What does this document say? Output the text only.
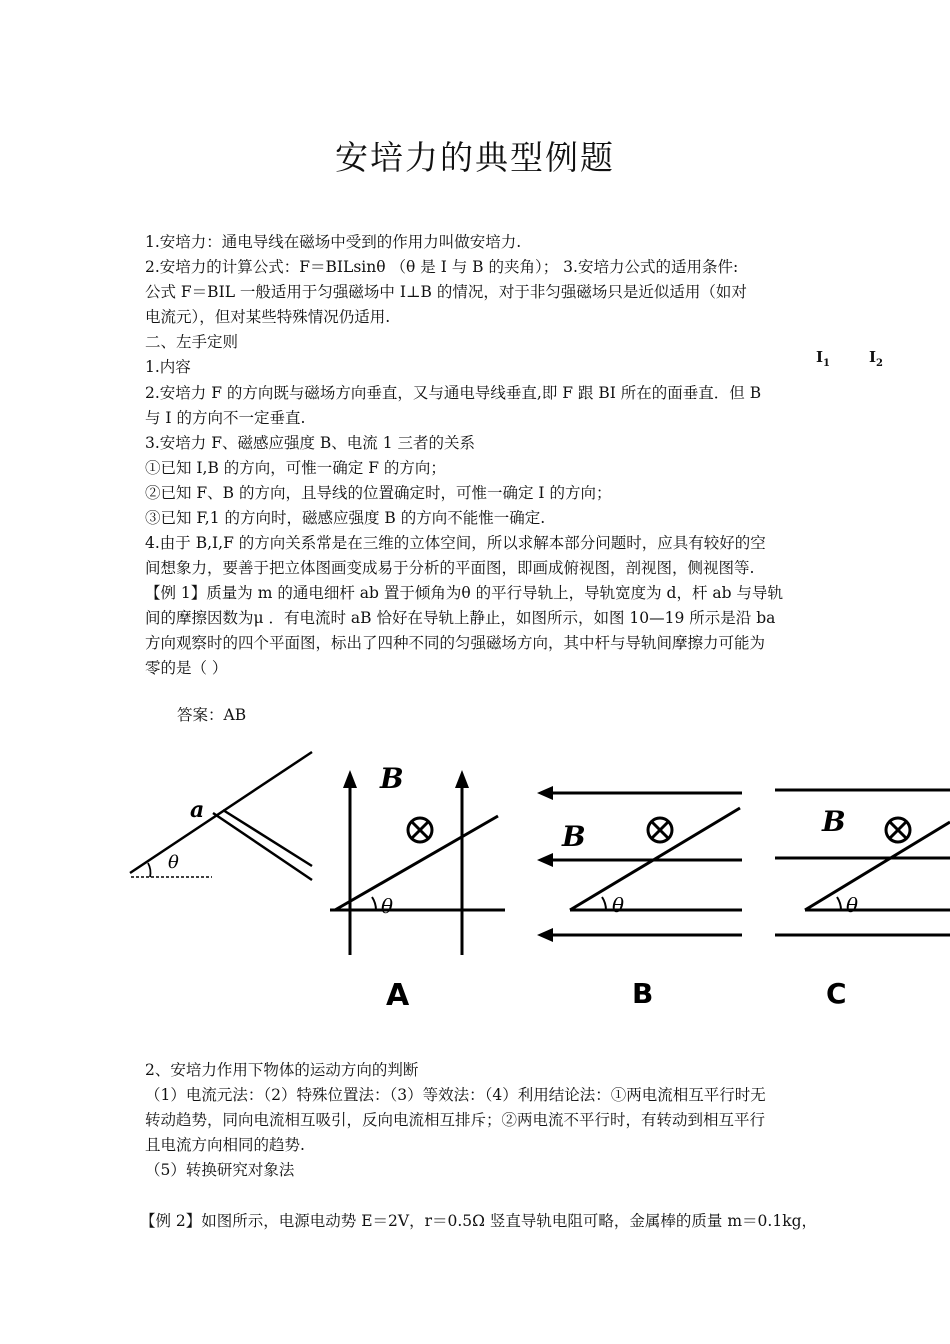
安培力的典型例题
1.安培力：通电导线在磁场中受到的作用力叫做安培力.
2.安培力的计算公式：F＝BILsinθ （θ 是 I 与 B 的夹角）； 3.安培力公式的适用条件:
公式 F＝BIL 一般适用于匀强磁场中 I⊥B 的情况，对于非匀强磁场只是近似适用（如对
电流元），但对某些特殊情况仍适用.
二、左手定则
1.内容
2.安培力 F 的方向既与磁场方向垂直，又与通电导线垂直,即 F 跟 BI 所在的面垂直．但 B
与 I 的方向不一定垂直.
3.安培力 F、磁感应强度 B、电流 1 三者的关系
①已知 I,B 的方向，可惟一确定 F 的方向；
②已知 F、B 的方向，且导线的位置确定时，可惟一确定 I 的方向；
③已知 F,1 的方向时，磁感应强度 B 的方向不能惟一确定.
4.由于 B,I,F 的方向关系常是在三维的立体空间，所以求解本部分问题时，应具有较好的空
间想象力，要善于把立体图画变成易于分析的平面图，即画成俯视图，剖视图，侧视图等.
【例 1】质量为 m 的通电细杆 ab 置于倾角为θ 的平行导轨上，导轨宽度为 d，杆 ab 与导轨
间的摩擦因数为μ ．有电流时 aB 恰好在导轨上静止，如图所示，如图 10—19 所示是沿 ba
方向观察时的四个平面图，标出了四种不同的匀强磁场方向，其中杆与导轨间摩擦力可能为
零的是（ ）
答案：AB
$I_1$	$I_2$
a
θ
B
θ
B
θ
B
θ
A	B	C
2、安培力作用下物体的运动方向的判断
（1）电流元法：（2）特殊位置法：（3）等效法：（4）利用结论法：①两电流相互平行时无
转动趋势，同向电流相互吸引，反向电流相互排斥；②两电流不平行时，有转动到相互平行
且电流方向相同的趋势.
（5）转换研究对象法
【例 2】如图所示，电源电动势 E＝2V，r＝0.5Ω 竖直导轨电阻可略，金属棒的质量 m＝0.1kg，
